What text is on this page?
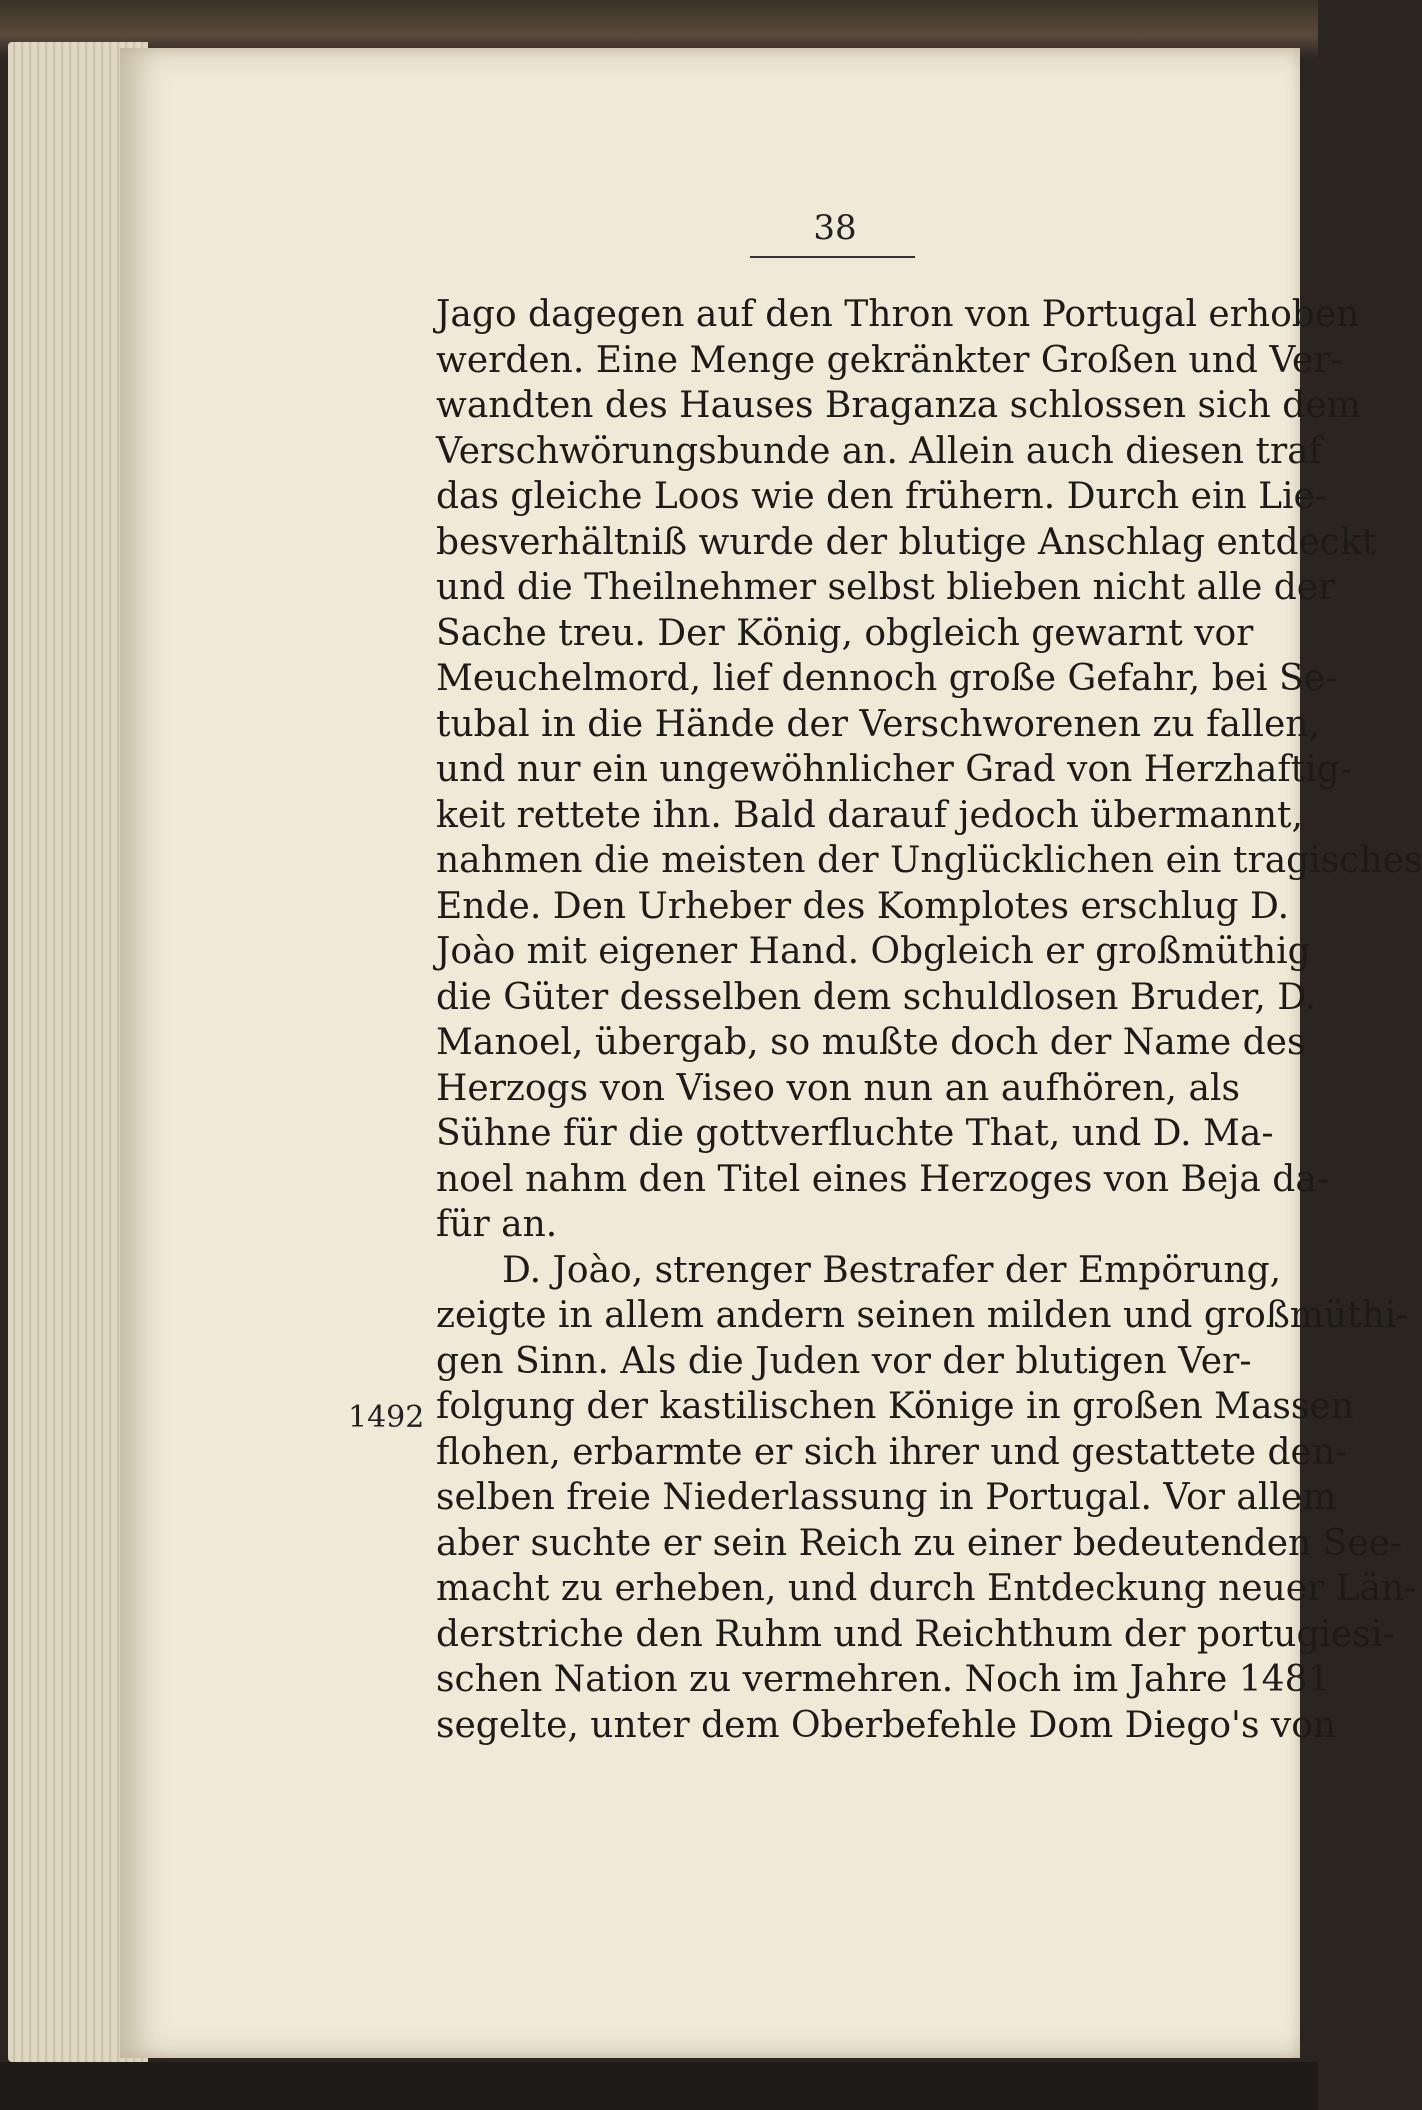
38
1492
Jago dagegen auf den Thron von Portugal erhoben
werden. Eine Menge gekränkter Großen und Ver-
wandten des Hauses Braganza schlossen sich dem
Verschwörungsbunde an. Allein auch diesen traf
das gleiche Loos wie den frühern. Durch ein Lie-
besverhältniß wurde der blutige Anschlag entdeckt
und die Theilnehmer selbst blieben nicht alle der
Sache treu. Der König, obgleich gewarnt vor
Meuchelmord, lief dennoch große Gefahr, bei Se-
tubal in die Hände der Verschworenen zu fallen,
und nur ein ungewöhnlicher Grad von Herzhaftig-
keit rettete ihn. Bald darauf jedoch übermannt,
nahmen die meisten der Unglücklichen ein tragisches
Ende. Den Urheber des Komplotes erschlug D.
Joào mit eigener Hand. Obgleich er großmüthig
die Güter desselben dem schuldlosen Bruder, D.
Manoel, übergab, so mußte doch der Name des
Herzogs von Viseo von nun an aufhören, als
Sühne für die gottverfluchte That, und D. Ma-
noel nahm den Titel eines Herzoges von Beja da-
für an.
D. Joào, strenger Bestrafer der Empörung,
zeigte in allem andern seinen milden und großmüthi-
gen Sinn. Als die Juden vor der blutigen Ver-
folgung der kastilischen Könige in großen Massen
flohen, erbarmte er sich ihrer und gestattete den-
selben freie Niederlassung in Portugal. Vor allem
aber suchte er sein Reich zu einer bedeutenden See-
macht zu erheben, und durch Entdeckung neuer Län-
derstriche den Ruhm und Reichthum der portugiesi-
schen Nation zu vermehren. Noch im Jahre 1481
segelte, unter dem Oberbefehle Dom Diego's von
